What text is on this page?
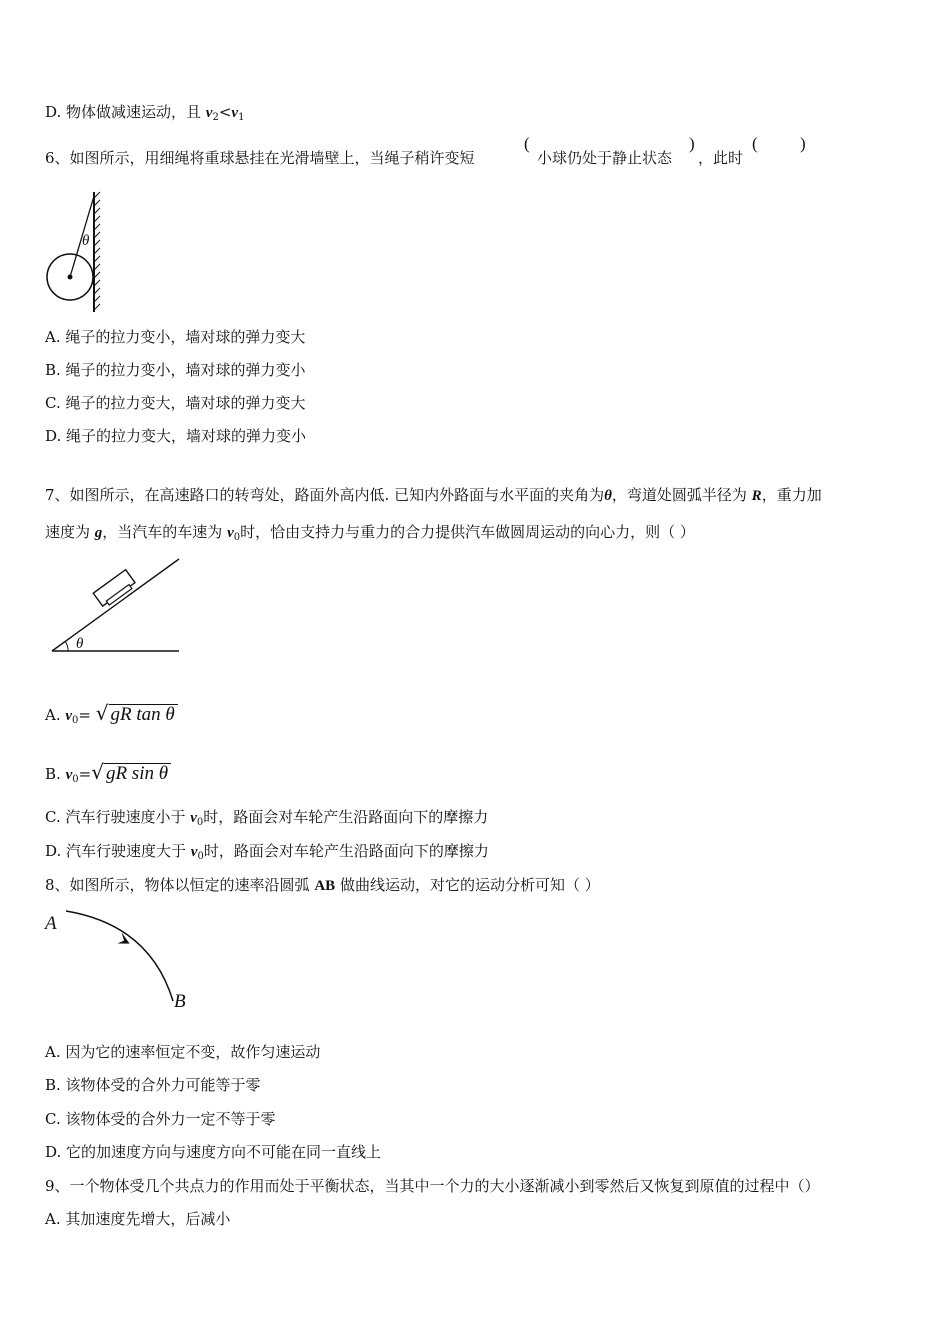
D. 物体做减速运动，且 $v_2<v_1$
6、如图所示，用细绳将重球悬挂在光滑墙壁上，当绳子稍许变短
(
小球仍处于静止状态
)
，此时
( )
θ
A. 绳子的拉力变小，墙对球的弹力变大
B. 绳子的拉力变小，墙对球的弹力变小
C. 绳子的拉力变大，墙对球的弹力变大
D. 绳子的拉力变大，墙对球的弹力变小
7、如图所示，在高速路口的转弯处，路面外高内低. 已知内外路面与水平面的夹角为θ，弯道处圆弧半径为 R，重力加
速度为 g，当汽车的车速为 $v_0$时，恰由支持力与重力的合力提供汽车做圆周运动的向心力，则（ ）
θ
A. $v_0=$ √ gR tan θ
B. $v_0=√$ gR sin θ
C. 汽车行驶速度小于 $v_0$时，路面会对车轮产生沿路面向下的摩擦力
D. 汽车行驶速度大于 $v_0$时，路面会对车轮产生沿路面向下的摩擦力
8、如图所示，物体以恒定的速率沿圆弧 AB 做曲线运动，对它的运动分析可知（ ）
A
B
A. 因为它的速率恒定不变，故作匀速运动
B. 该物体受的合外力可能等于零
C. 该物体受的合外力一定不等于零
D. 它的加速度方向与速度方向不可能在同一直线上
9、一个物体受几个共点力的作用而处于平衡状态，当其中一个力的大小逐渐减小到零然后又恢复到原值的过程中（）
A. 其加速度先增大，后减小
